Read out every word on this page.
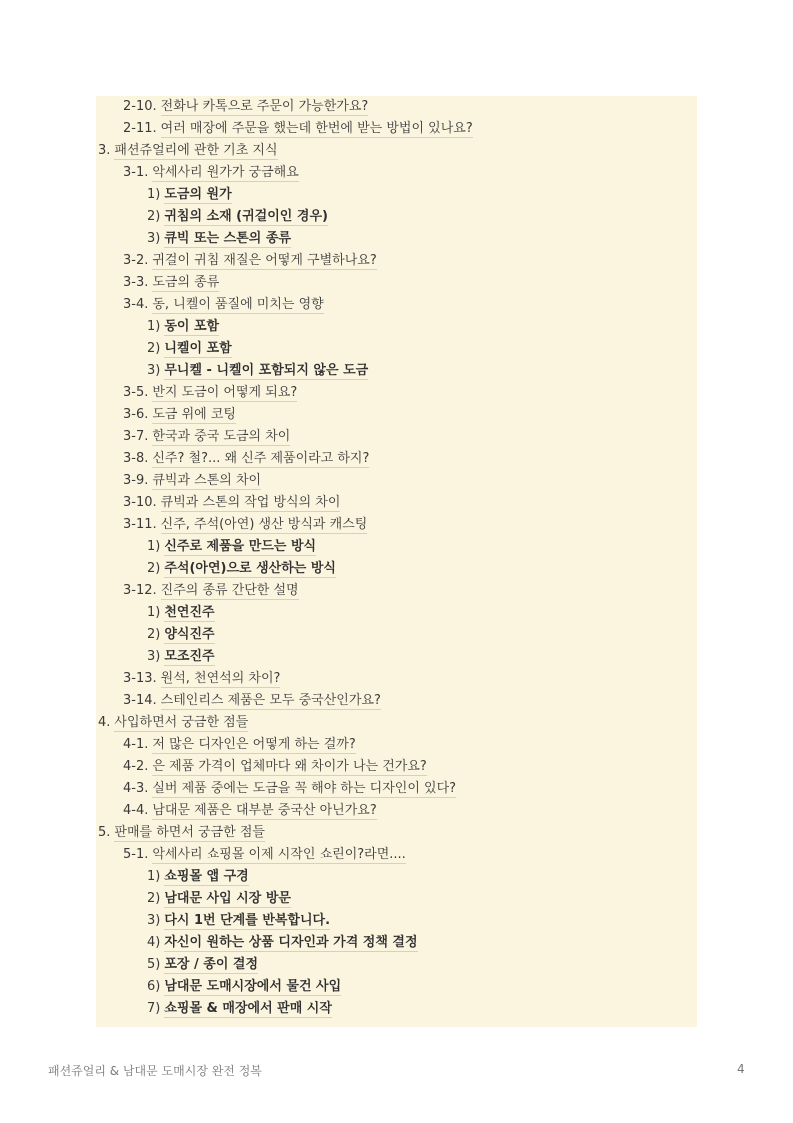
2-10. 전화나 카톡으로 주문이 가능한가요?
2-11. 여러 매장에 주문을 했는데 한번에 받는 방법이 있나요?
3. 패션쥬얼리에 관한 기초 지식
3-1. 악세사리 원가가 궁금해요
1) 도금의 원가
2) 귀침의 소재 (귀걸이인 경우)
3) 큐빅 또는 스톤의 종류
3-2. 귀걸이 귀침 재질은 어떻게 구별하나요?
3-3. 도금의 종류
3-4. 동, 니켈이 품질에 미치는 영향
1) 동이 포함
2) 니켈이 포함
3) 무니켈 - 니켈이 포함되지 않은 도금
3-5. 반지 도금이 어떻게 되요?
3-6. 도금 위에 코팅
3-7. 한국과 중국 도금의 차이
3-8. 신주? 철?... 왜 신주 제품이라고 하지?
3-9. 큐빅과 스톤의 차이
3-10. 큐빅과 스톤의 작업 방식의 차이
3-11. 신주, 주석(아연) 생산 방식과 캐스팅
1) 신주로 제품을 만드는 방식
2) 주석(아연)으로 생산하는 방식
3-12. 진주의 종류 간단한 설명
1) 천연진주
2) 양식진주
3) 모조진주
3-13. 원석, 천연석의 차이?
3-14. 스테인리스 제품은 모두 중국산인가요?
4. 사입하면서 궁금한 점들
4-1. 저 많은 디자인은 어떻게 하는 걸까?
4-2. 은 제품 가격이 업체마다 왜 차이가 나는 건가요?
4-3. 실버 제품 중에는 도금을 꼭 해야 하는 디자인이 있다?
4-4. 남대문 제품은 대부분 중국산 아닌가요?
5. 판매를 하면서 궁금한 점들
5-1. 악세사리 쇼핑몰 이제 시작인 쇼린이?라면....
1) 쇼핑몰 앱 구경
2) 남대문 사입 시장 방문
3) 다시 1번 단계를 반복합니다.
4) 자신이 원하는 상품 디자인과 가격 정책 결정
5) 포장 / 종이 결정
6) 남대문 도매시장에서 물건 사입
7) 쇼핑몰 & 매장에서 판매 시작
패션쥬얼리 & 남대문 도매시장 완전 정복	4
